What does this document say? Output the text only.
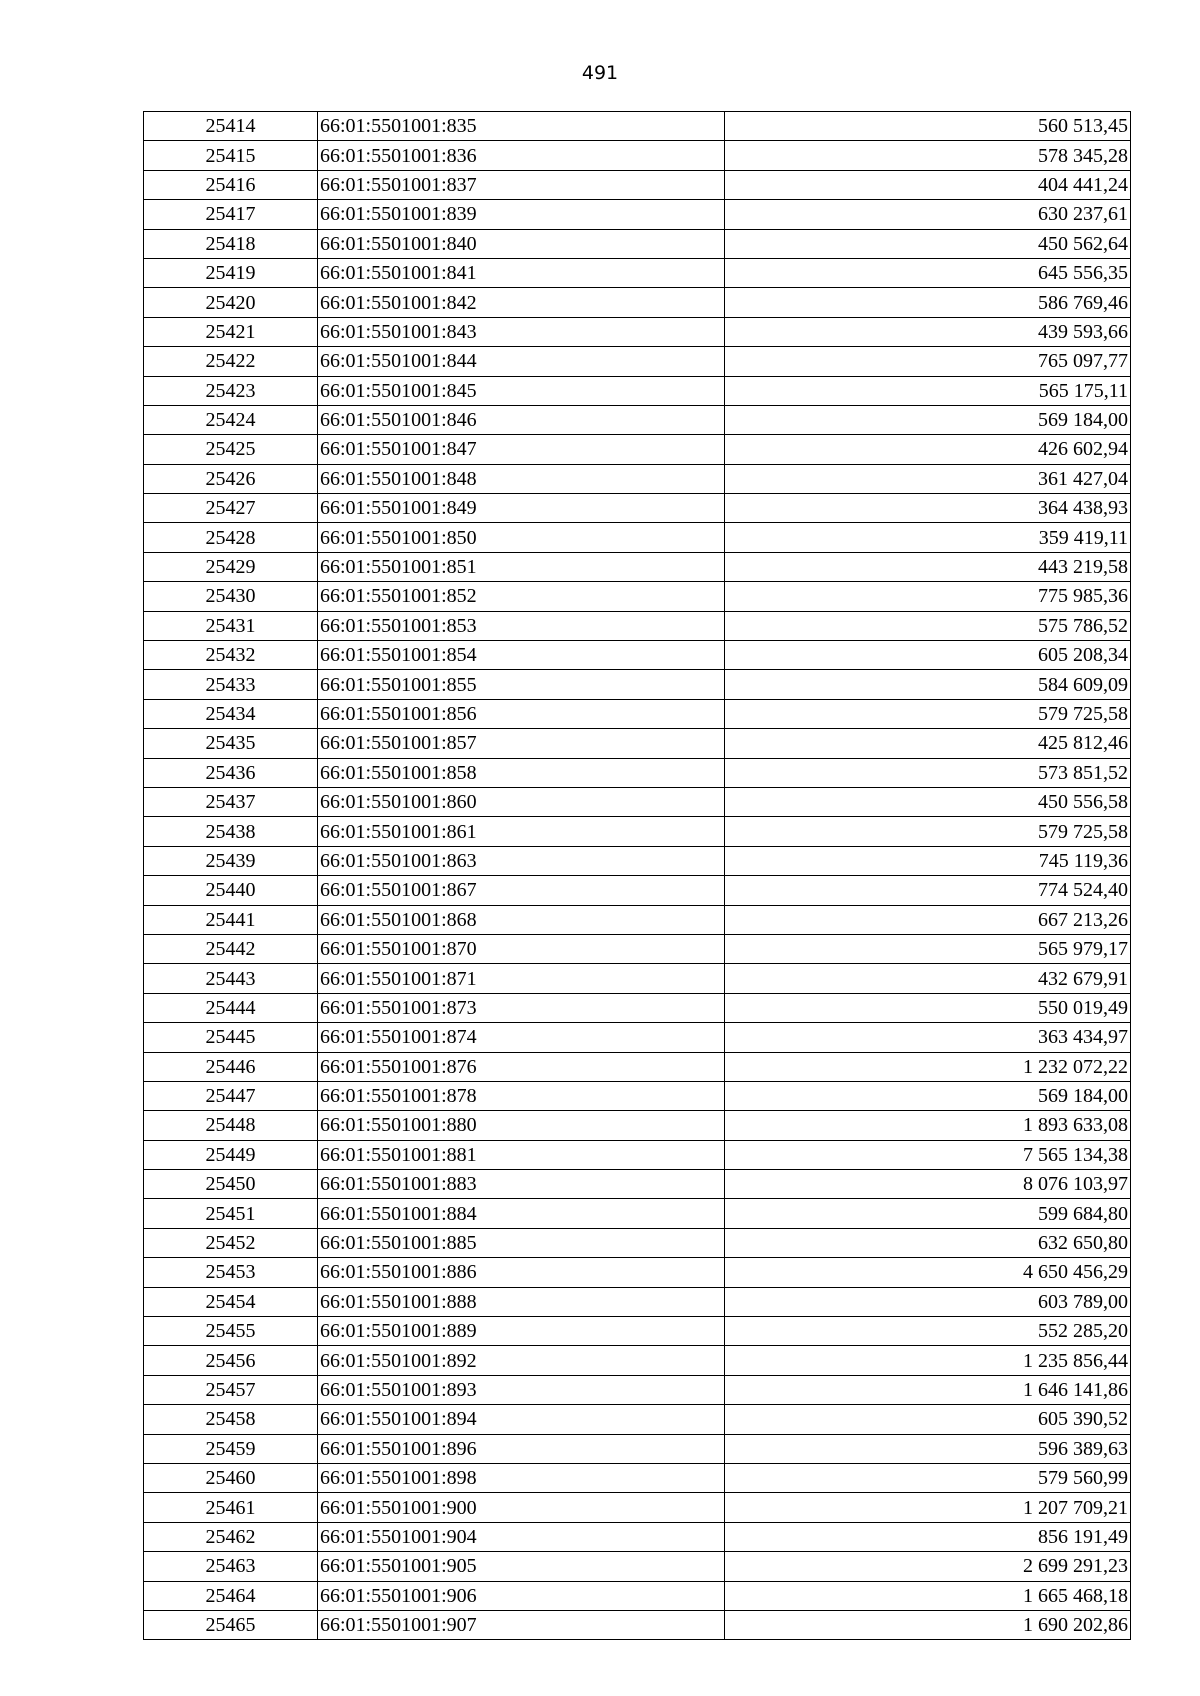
491
25414	66:01:5501001:835	560 513,45
25415	66:01:5501001:836	578 345,28
25416	66:01:5501001:837	404 441,24
25417	66:01:5501001:839	630 237,61
25418	66:01:5501001:840	450 562,64
25419	66:01:5501001:841	645 556,35
25420	66:01:5501001:842	586 769,46
25421	66:01:5501001:843	439 593,66
25422	66:01:5501001:844	765 097,77
25423	66:01:5501001:845	565 175,11
25424	66:01:5501001:846	569 184,00
25425	66:01:5501001:847	426 602,94
25426	66:01:5501001:848	361 427,04
25427	66:01:5501001:849	364 438,93
25428	66:01:5501001:850	359 419,11
25429	66:01:5501001:851	443 219,58
25430	66:01:5501001:852	775 985,36
25431	66:01:5501001:853	575 786,52
25432	66:01:5501001:854	605 208,34
25433	66:01:5501001:855	584 609,09
25434	66:01:5501001:856	579 725,58
25435	66:01:5501001:857	425 812,46
25436	66:01:5501001:858	573 851,52
25437	66:01:5501001:860	450 556,58
25438	66:01:5501001:861	579 725,58
25439	66:01:5501001:863	745 119,36
25440	66:01:5501001:867	774 524,40
25441	66:01:5501001:868	667 213,26
25442	66:01:5501001:870	565 979,17
25443	66:01:5501001:871	432 679,91
25444	66:01:5501001:873	550 019,49
25445	66:01:5501001:874	363 434,97
25446	66:01:5501001:876	1 232 072,22
25447	66:01:5501001:878	569 184,00
25448	66:01:5501001:880	1 893 633,08
25449	66:01:5501001:881	7 565 134,38
25450	66:01:5501001:883	8 076 103,97
25451	66:01:5501001:884	599 684,80
25452	66:01:5501001:885	632 650,80
25453	66:01:5501001:886	4 650 456,29
25454	66:01:5501001:888	603 789,00
25455	66:01:5501001:889	552 285,20
25456	66:01:5501001:892	1 235 856,44
25457	66:01:5501001:893	1 646 141,86
25458	66:01:5501001:894	605 390,52
25459	66:01:5501001:896	596 389,63
25460	66:01:5501001:898	579 560,99
25461	66:01:5501001:900	1 207 709,21
25462	66:01:5501001:904	856 191,49
25463	66:01:5501001:905	2 699 291,23
25464	66:01:5501001:906	1 665 468,18
25465	66:01:5501001:907	1 690 202,86
